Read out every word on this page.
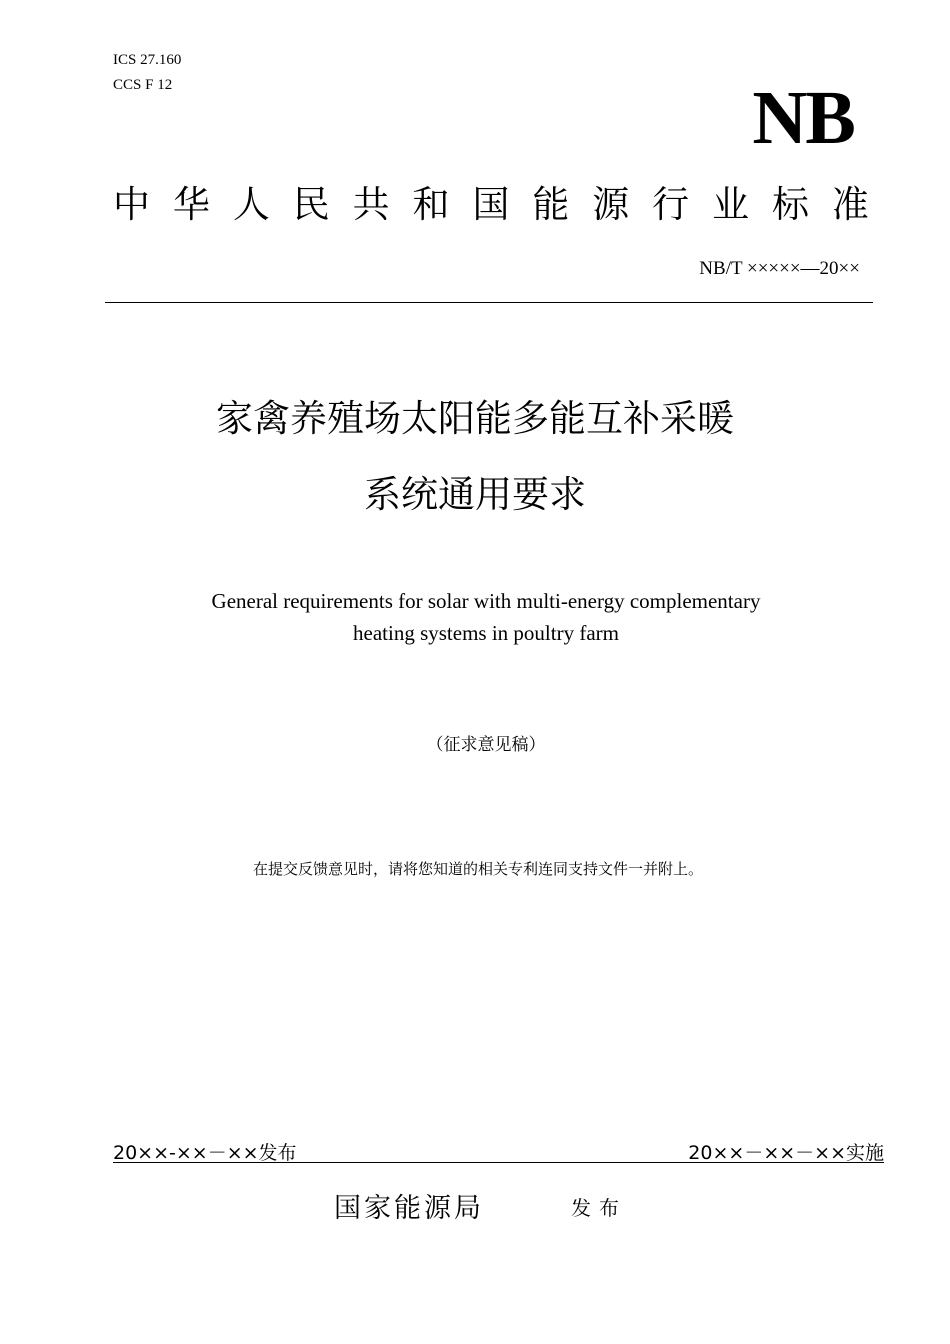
ICS 27.160
CCS F 12	NB
中 华 人 民 共 和 国 能 源 行 业 标 准
NB/T ×××××—20××
家禽养殖场太阳能多能互补采暖
系统通用要求
General requirements for solar with multi-energy complementary
heating systems in poultry farm
（征求意见稿）
在提交反馈意见时，请将您知道的相关专利连同支持文件一并附上。
20××-××－××发布	20××－××－××实施
国家能源局	发布
